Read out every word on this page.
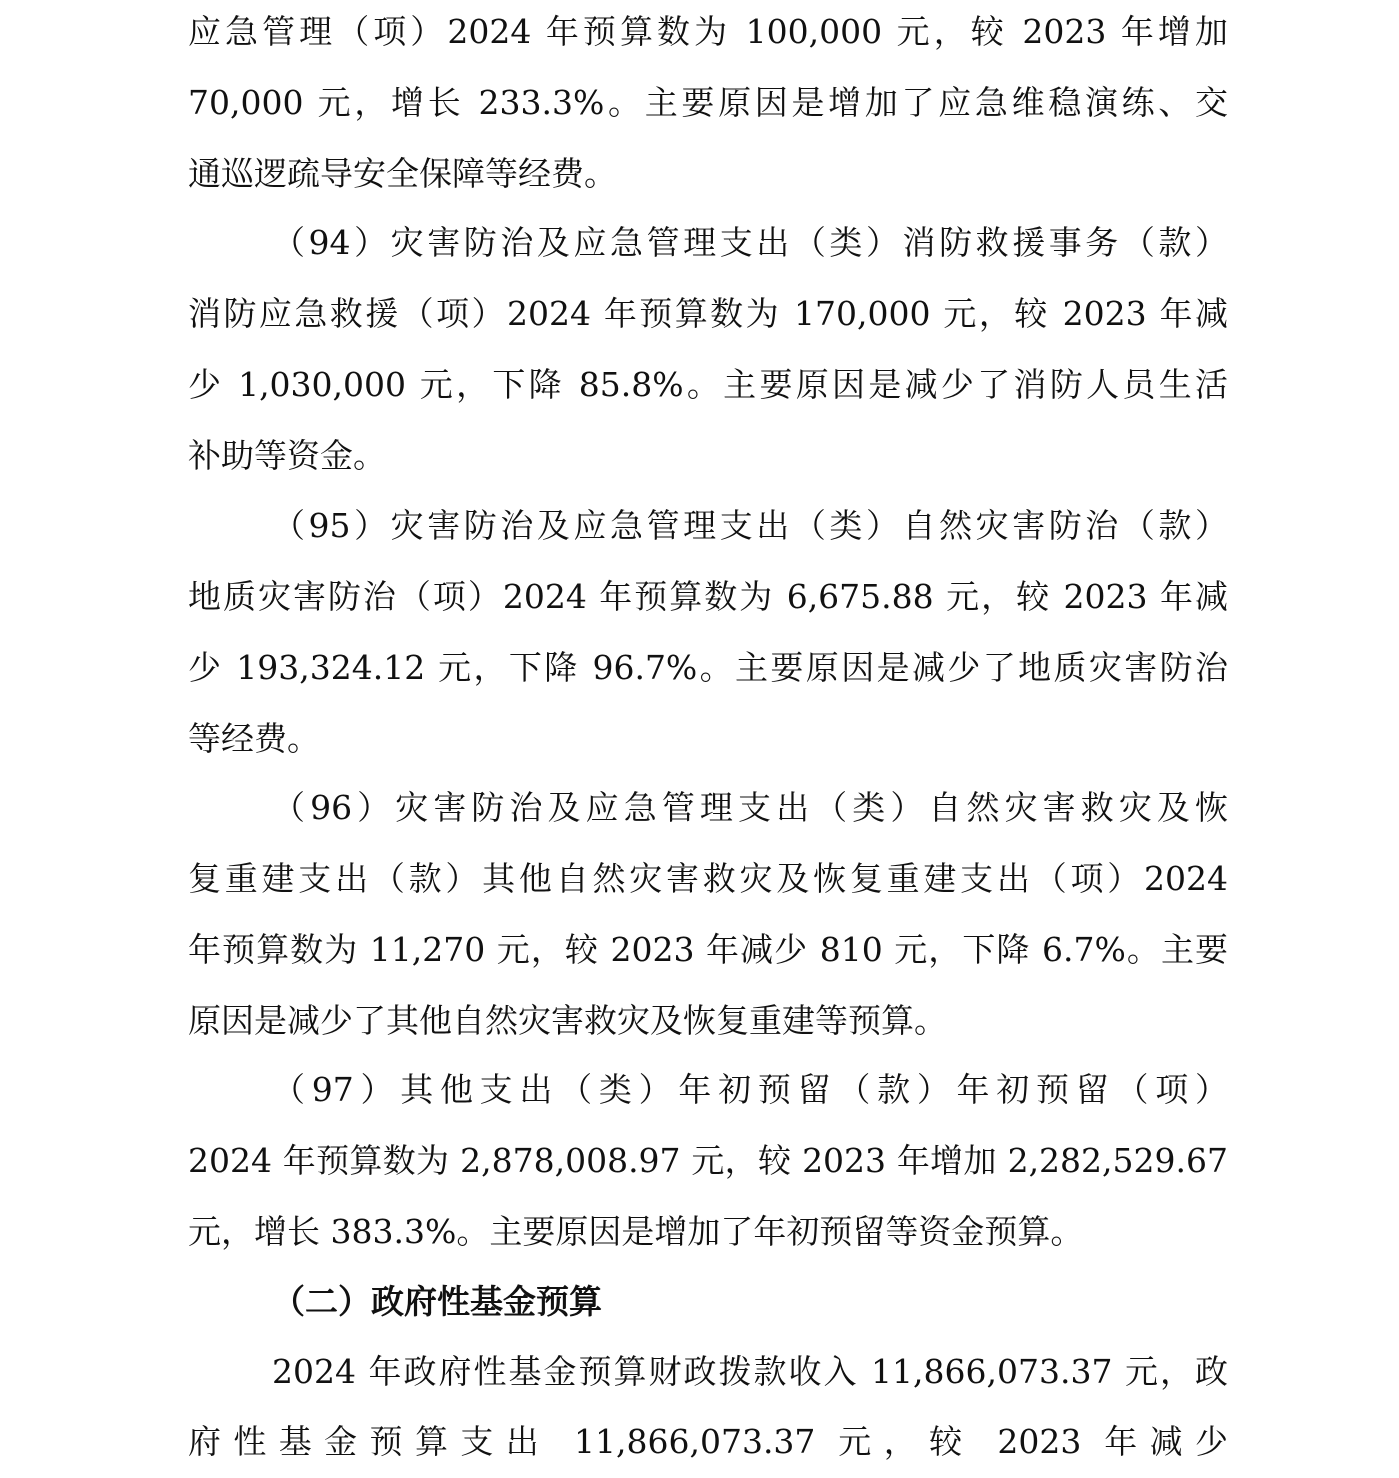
应急管理（项）2024 年预算数为 100,000 元，较 2023 年增加
70,000 元，增长 233.3%。主要原因是增加了应急维稳演练、交
通巡逻疏导安全保障等经费。
（94）灾害防治及应急管理支出（类）消防救援事务（款）
消防应急救援（项）2024 年预算数为 170,000 元，较 2023 年减
少 1,030,000 元，下降 85.8%。主要原因是减少了消防人员生活
补助等资金。
（95）灾害防治及应急管理支出（类）自然灾害防治（款）
地质灾害防治（项）2024 年预算数为 6,675.88 元，较 2023 年减
少 193,324.12 元，下降 96.7%。主要原因是减少了地质灾害防治
等经费。
（96）灾害防治及应急管理支出（类）自然灾害救灾及恢
复重建支出（款）其他自然灾害救灾及恢复重建支出（项）2024
年预算数为 11,270 元，较 2023 年减少 810 元，下降 6.7%。主要
原因是减少了其他自然灾害救灾及恢复重建等预算。
（97）其他支出（类）年初预留（款）年初预留（项）
2024 年预算数为 2,878,008.97 元，较 2023 年增加 2,282,529.67
元，增长 383.3%。主要原因是增加了年初预留等资金预算。
（二）政府性基金预算
2024 年政府性基金预算财政拨款收入 11,866,073.37 元，政
府性基金预算支出 11,866,073.37 元，较 2023 年减少
